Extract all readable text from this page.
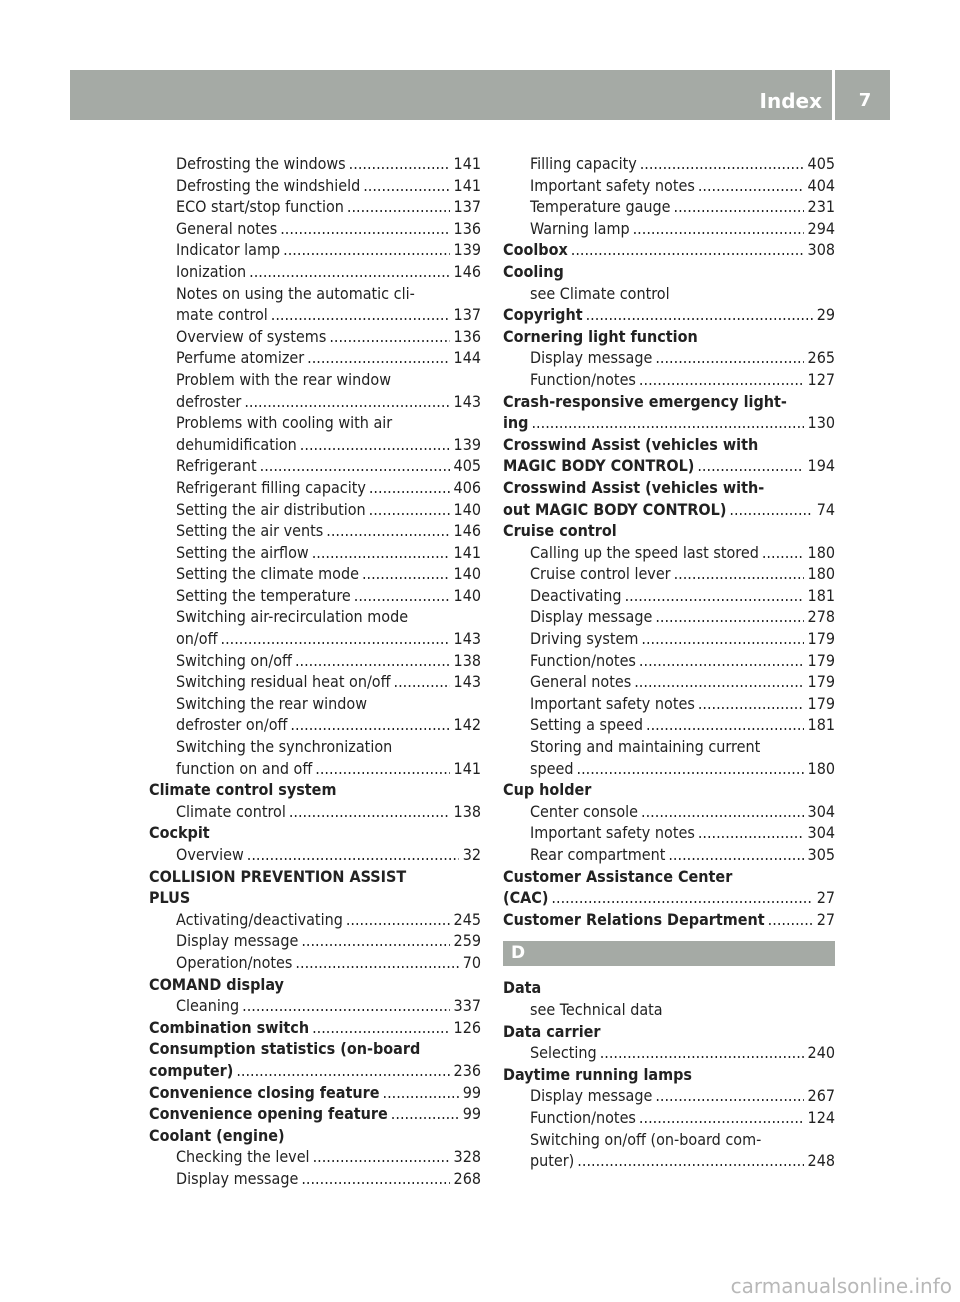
Index	7
Defrosting the windows .....	141
Defrosting the windshield .....	141
ECO start/stop function .....	137
General notes .....	136
Indicator lamp .....	139
Ionization .....	146
Notes on using the automatic cli-
mate control .....	137
Overview of systems .....	136
Perfume atomizer .....	144
Problem with the rear window
defroster .....	143
Problems with cooling with air
dehumidification .....	139
Refrigerant .....	405
Refrigerant filling capacity .....	406
Setting the air distribution .....	140
Setting the air vents .....	146
Setting the airflow .....	141
Setting the climate mode .....	140
Setting the temperature .....	140
Switching air-recirculation mode
on/off .....	143
Switching on/off .....	138
Switching residual heat on/off .....	143
Switching the rear window
defroster on/off .....	142
Switching the synchronization
function on and off .....	141
Climate control system
Climate control .....	138
Cockpit
Overview .....	32
COLLISION PREVENTION ASSIST
PLUS
Activating/deactivating .....	245
Display message .....	259
Operation/notes .....	70
COMAND display
Cleaning .....	337
Combination switch .....	126
Consumption statistics (on-board
computer) .....	236
Convenience closing feature .....	99
Convenience opening feature .....	99
Coolant (engine)
Checking the level .....	328
Display message .....	268
Filling capacity .....	405
Important safety notes .....	404
Temperature gauge .....	231
Warning lamp .....	294
Coolbox .....	308
Cooling
see Climate control
Copyright .....	29
Cornering light function
Display message .....	265
Function/notes .....	127
Crash-responsive emergency light-
ing .....	130
Crosswind Assist (vehicles with
MAGIC BODY CONTROL) .....	194
Crosswind Assist (vehicles with-
out MAGIC BODY CONTROL) .....	74
Cruise control
Calling up the speed last stored .....	180
Cruise control lever .....	180
Deactivating .....	181
Display message .....	278
Driving system .....	179
Function/notes .....	179
General notes .....	179
Important safety notes .....	179
Setting a speed .....	181
Storing and maintaining current
speed .....	180
Cup holder
Center console .....	304
Important safety notes .....	304
Rear compartment .....	305
Customer Assistance Center
(CAC) .....	27
Customer Relations Department .....	27
D
Data
see Technical data
Data carrier
Selecting .....	240
Daytime running lamps
Display message .....	267
Function/notes .....	124
Switching on/off (on-board com-
puter) .....	248
carmanualsonline.info
